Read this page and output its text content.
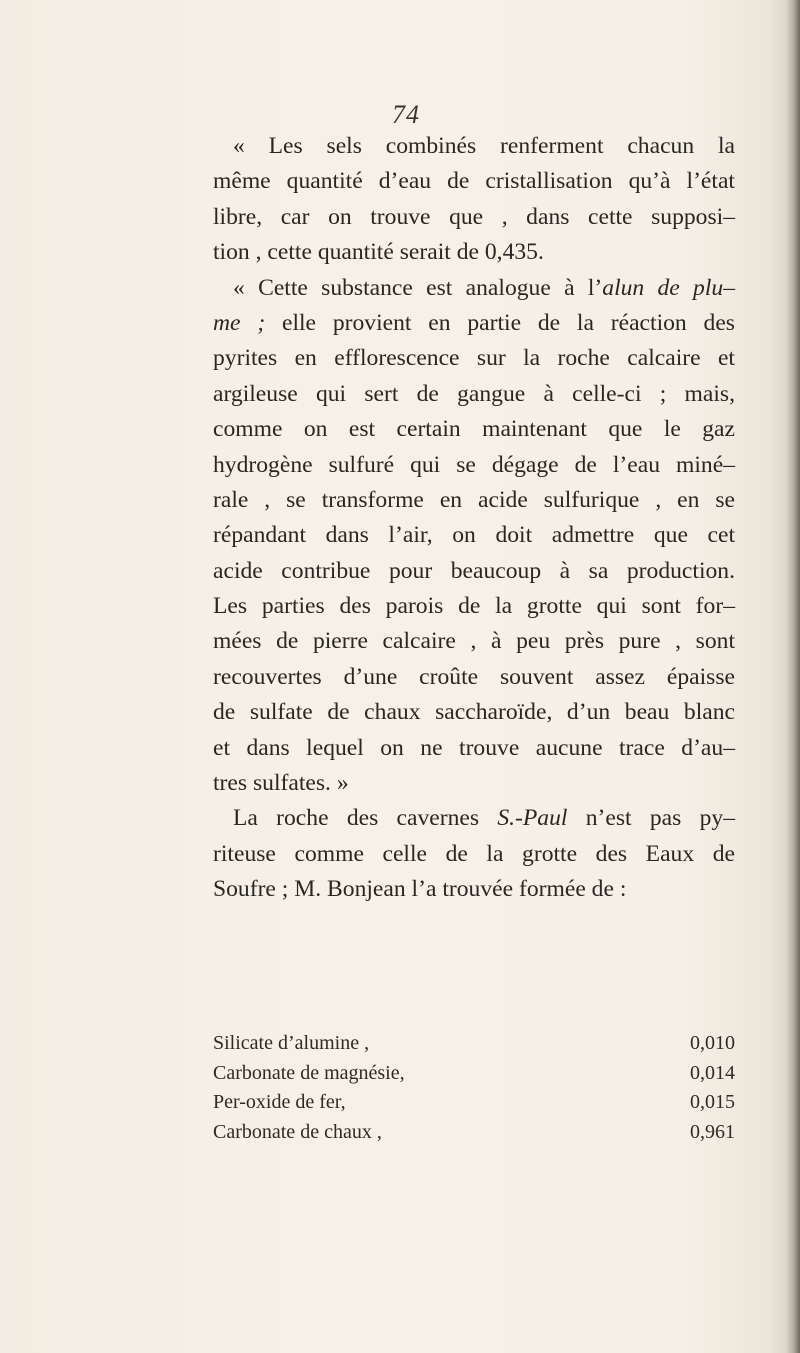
74
« Les sels combinés renferment chacun la
même quantité d’eau de cristallisation qu’à l’état
libre, car on trouve que , dans cette supposi–
tion , cette quantité serait de 0,435.
« Cette substance est analogue à l’alun de plu–
me ; elle provient en partie de la réaction des
pyrites en efflorescence sur la roche calcaire et
argileuse qui sert de gangue à celle-ci ; mais,
comme on est certain maintenant que le gaz
hydrogène sulfuré qui se dégage de l’eau miné–
rale , se transforme en acide sulfurique , en se
répandant dans l’air, on doit admettre que cet
acide contribue pour beaucoup à sa production.
Les parties des parois de la grotte qui sont for–
mées de pierre calcaire , à peu près pure , sont
recouvertes d’une croûte souvent assez épaisse
de sulfate de chaux saccharoïde, d’un beau blanc
et dans lequel on ne trouve aucune trace d’au–
tres sulfates. »
La roche des cavernes S.-Paul n’est pas py–
riteuse comme celle de la grotte des Eaux de
Soufre ; M. Bonjean l’a trouvée formée de :
Silicate d’alumine ,	0,010
Carbonate de magnésie,	0,014
Per-oxide de fer,	0,015
Carbonate de chaux ,	0,961
